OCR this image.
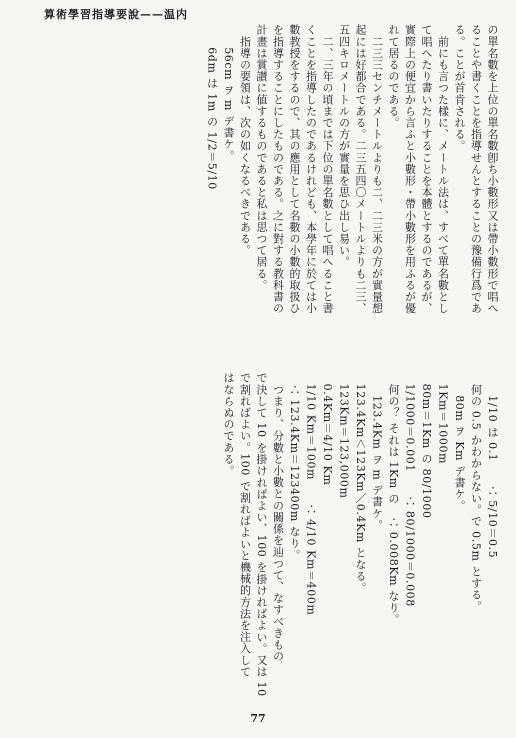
算術學習指導要說——温内
の單名數を上位の單名數卽ち小數形又は帶小數形で唱へ
ることや書くことを指導せんとすることの豫備行爲であ
る。ことが首肯される。
　前にも言つた樣に、メートル法は、すべて單名數とし
て唱へたり書いたりすることを本體とするのであるが、
實際上の便宜から言ふと小數形・帶小數形を用ふるが優
れて居るのである。
　二三三センチメートルよりも二、二三米の方が實量想
起には好都合である。二三五四〇メートルよりも二三、
五四キロメートルの方が實量を思ひ出し易い。
　二、三年の頃までは下位の單名數として唱へること書
くことを指導したのであるけれども、本學年に於ては小
數教授をするので、其の應用として名數の小數的取扱ひ
を指導することにしたものである。之に對する教科書の
計畫は賞讃に値するものであると私は思つて居る。
　指導の要領は、次の如くなるべきである。
　　56cm ヲ m デ書ケ。
　　6dm は 1m の 1/2＝5/10
　　1/10 は 0.1　　∴ 5/10＝0.5
　何の 0.5 かわからない。で 0.5m とする。
　　80m ヲ Km デ書ケ。
　1Km＝1000m
　80m＝1Km の 80/1000
　1/1000＝0.001　　∴ 80/1000＝0.008
　何の？ それは 1Km の　∴ 0.008Km なり。
　　123.4Km ヲ m デ書ケ。
　123.4Km＜123Km／0.4Km となる。
　123Km＝123,000m
　0.4Km＝4/10 Km
　1/10 Km＝100m　　∴ 4/10 Km＝400m
　∴ 123.4Km＝123400m なり。
　つまり、分數と小數との關係を辿つて、なすべきもの
で決して 10 を掛ければよい、100 を掛ければよい。又は 10
で割ればよい。100 で割ればよいと機械的方法を注入して
はならぬのである。
77
